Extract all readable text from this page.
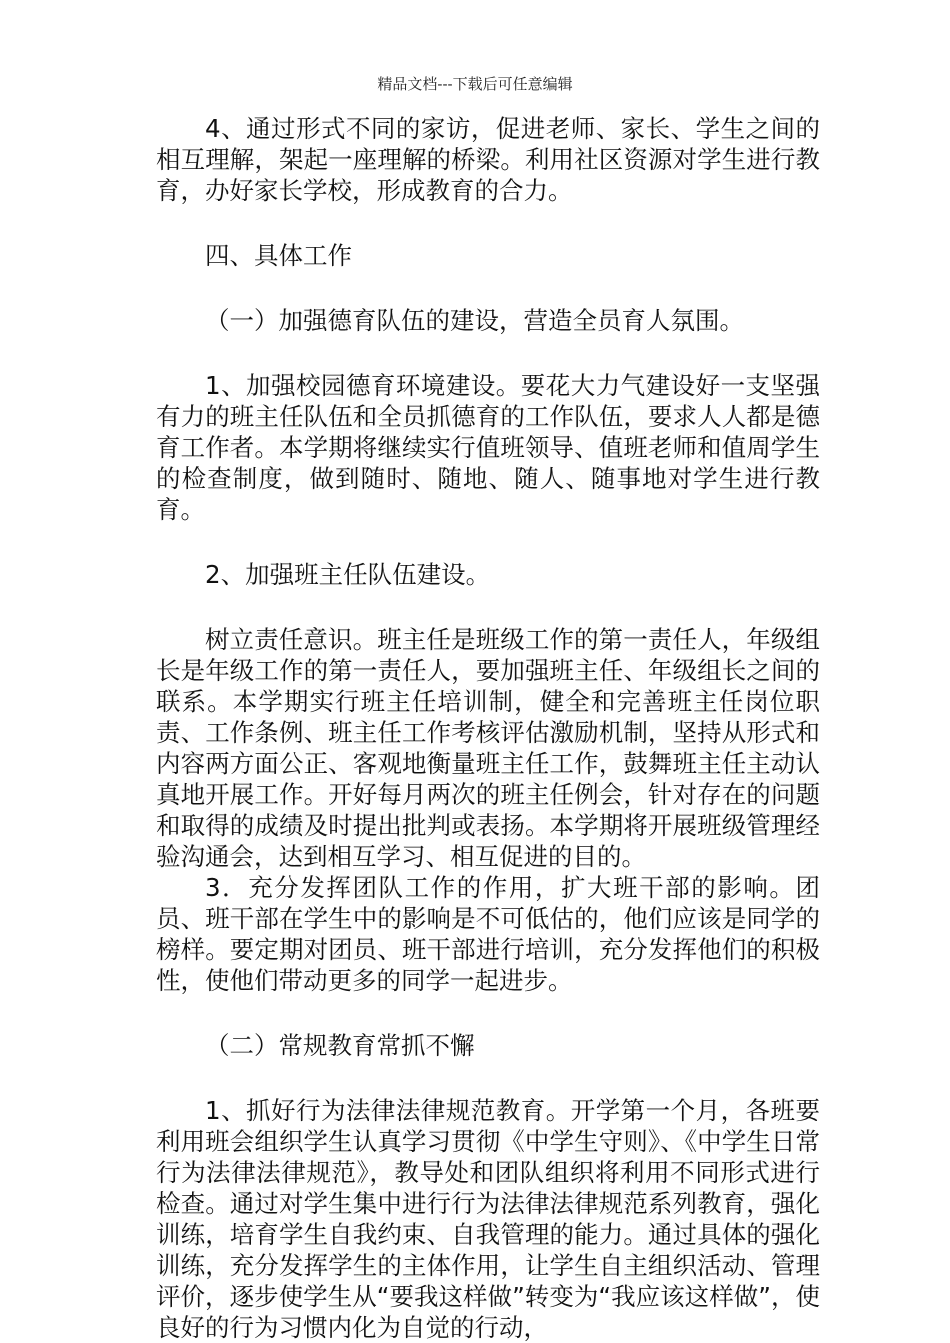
精品文档---下载后可任意编辑

4、通过形式不同的家访，促进老师、家长、学生之间的相互理解，架起一座理解的桥梁。利用社区资源对学生进行教育，办好家长学校，形成教育的合力。

四、具体工作

（一）加强德育队伍的建设，营造全员育人氛围。

1、加强校园德育环境建设。要花大力气建设好一支坚强有力的班主任队伍和全员抓德育的工作队伍，要求人人都是德育工作者。本学期将继续实行值班领导、值班老师和值周学生的检查制度，做到随时、随地、随人、随事地对学生进行教育。

2、加强班主任队伍建设。

树立责任意识。班主任是班级工作的第一责任人，年级组长是年级工作的第一责任人，要加强班主任、年级组长之间的联系。本学期实行班主任培训制，健全和完善班主任岗位职责、工作条例、班主任工作考核评估激励机制，坚持从形式和内容两方面公正、客观地衡量班主任工作，鼓舞班主任主动认真地开展工作。开好每月两次的班主任例会，针对存在的问题和取得的成绩及时提出批判或表扬。本学期将开展班级管理经验沟通会，达到相互学习、相互促进的目的。

3．充分发挥团队工作的作用，扩大班干部的影响。团员、班干部在学生中的影响是不可低估的，他们应该是同学的榜样。要定期对团员、班干部进行培训，充分发挥他们的积极性，使他们带动更多的同学一起进步。

（二）常规教育常抓不懈

1、抓好行为法律法律规范教育。开学第一个月，各班要利用班会组织学生认真学习贯彻《中学生守则》、《中学生日常行为法律法律规范》，教导处和团队组织将利用不同形式进行检查。通过对学生集中进行行为法律法律规范系列教育，强化训练，培育学生自我约束、自我管理的能力。通过具体的强化训练，充分发挥学生的主体作用，让学生自主组织活动、管理评价，逐步使学生从“要我这样做”转变为“我应该这样做”，使良好的行为习惯内化为自觉的行动，
